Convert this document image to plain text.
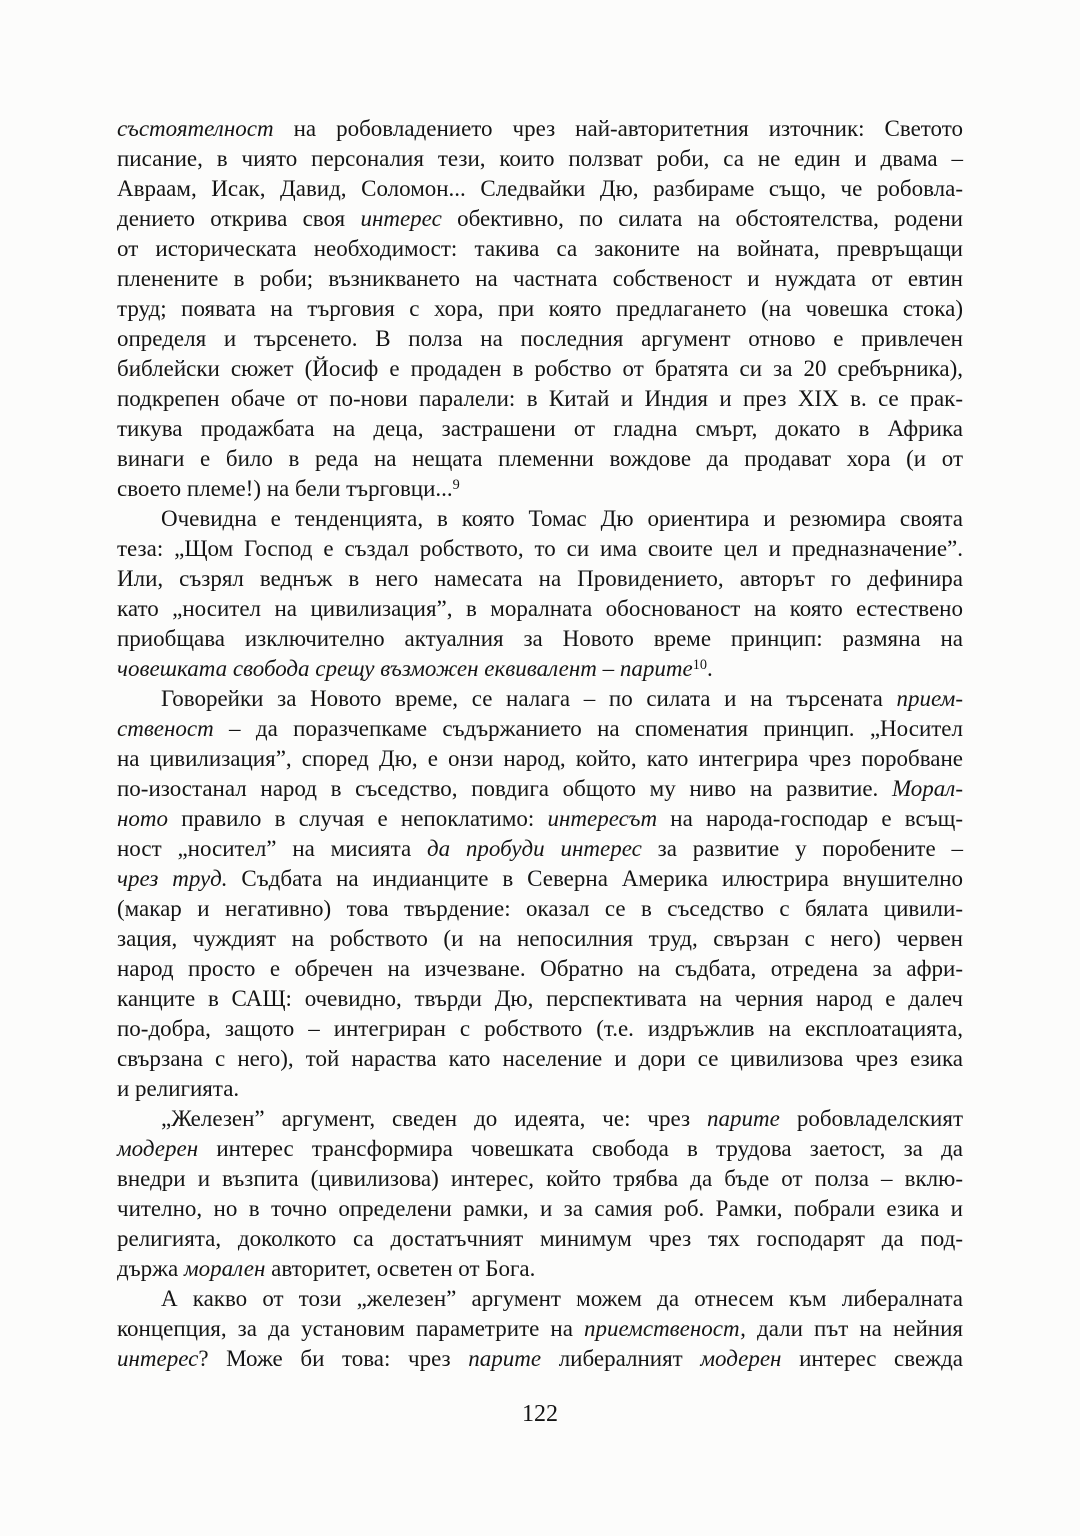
състоятелност на робовладението чрез най-авторитетния източник: Светото
писание, в чиято персоналия тези, които ползват роби, са не един и двама –
Авраам, Исак, Давид, Соломон... Следвайки Дю, разбираме също, че робовла-
дението открива своя интерес обективно, по силата на обстоятелства, родени
от историческата необходимост: такива са законите на войната, превръщащи
пленените в роби; възникването на частната собственост и нуждата от евтин
труд; появата на търговия с хора, при която предлагането (на човешка стока)
определя и търсенето. В полза на последния аргумент отново е привлечен
библейски сюжет (Йосиф е продаден в робство от братята си за 20 сребърника),
подкрепен обаче от по-нови паралели: в Китай и Индия и през XIX в. се прак-
тикува продажбата на деца, застрашени от гладна смърт, докато в Африка
винаги е било в реда на нещата племенни вождове да продават хора (и от
своето племе!) на бели търговци...$^9$
Очевидна е тенденцията, в която Томас Дю ориентира и резюмира своята
теза: „Щом Господ е създал робството, то си има своите цел и предназначение”.
Или, съзрял веднъж в него намесата на Провидението, авторът го дефинира
като „носител на цивилизация”, в моралната обоснованост на която естествено
приобщава изключително актуалния за Новото време принцип: размяна на
човешката свобода срещу възможен еквивалент – парите$^{10}$.
Говорейки за Новото време, се налага – по силата и на търсената прием-
ственост – да поразчепкаме съдържанието на споменатия принцип. „Носител
на цивилизация”, според Дю, е онзи народ, който, като интегрира чрез поробване
по-изостанал народ в съседство, повдига общото му ниво на развитие. Морал-
ното правило в случая е непоклатимо: интересът на народа-господар е всъщ-
ност „носител” на мисията да пробуди интерес за развитие у поробените –
чрез труд. Съдбата на индианците в Северна Америка илюстрира внушително
(макар и негативно) това твърдение: оказал се в съседство с бялата цивили-
зация, чуждият на робството (и на непосилния труд, свързан с него) червен
народ просто е обречен на изчезване. Обратно на съдбата, отредена за афри-
канците в САЩ: очевидно, твърди Дю, перспективата на черния народ е далеч
по-добра, защото – интегриран с робството (т.е. издръжлив на експлоатацията,
свързана с него), той нараства като население и дори се цивилизова чрез езика
и религията.
„Железен” аргумент, сведен до идеята, че: чрез парите робовладелският
модерен интерес трансформира човешката свобода в трудова заетост, за да
внедри и възпита (цивилизова) интерес, който трябва да бъде от полза – вклю-
чително, но в точно определени рамки, и за самия роб. Рамки, побрали езика и
религията, доколкото са достатъчният минимум чрез тях господарят да под-
държа морален авторитет, осветен от Бога.
А какво от този „железен” аргумент можем да отнесем към либералната
концепция, за да установим параметрите на приемственост, дали път на нейния
интерес? Може би това: чрез парите либералният модерен интерес свежда
122
